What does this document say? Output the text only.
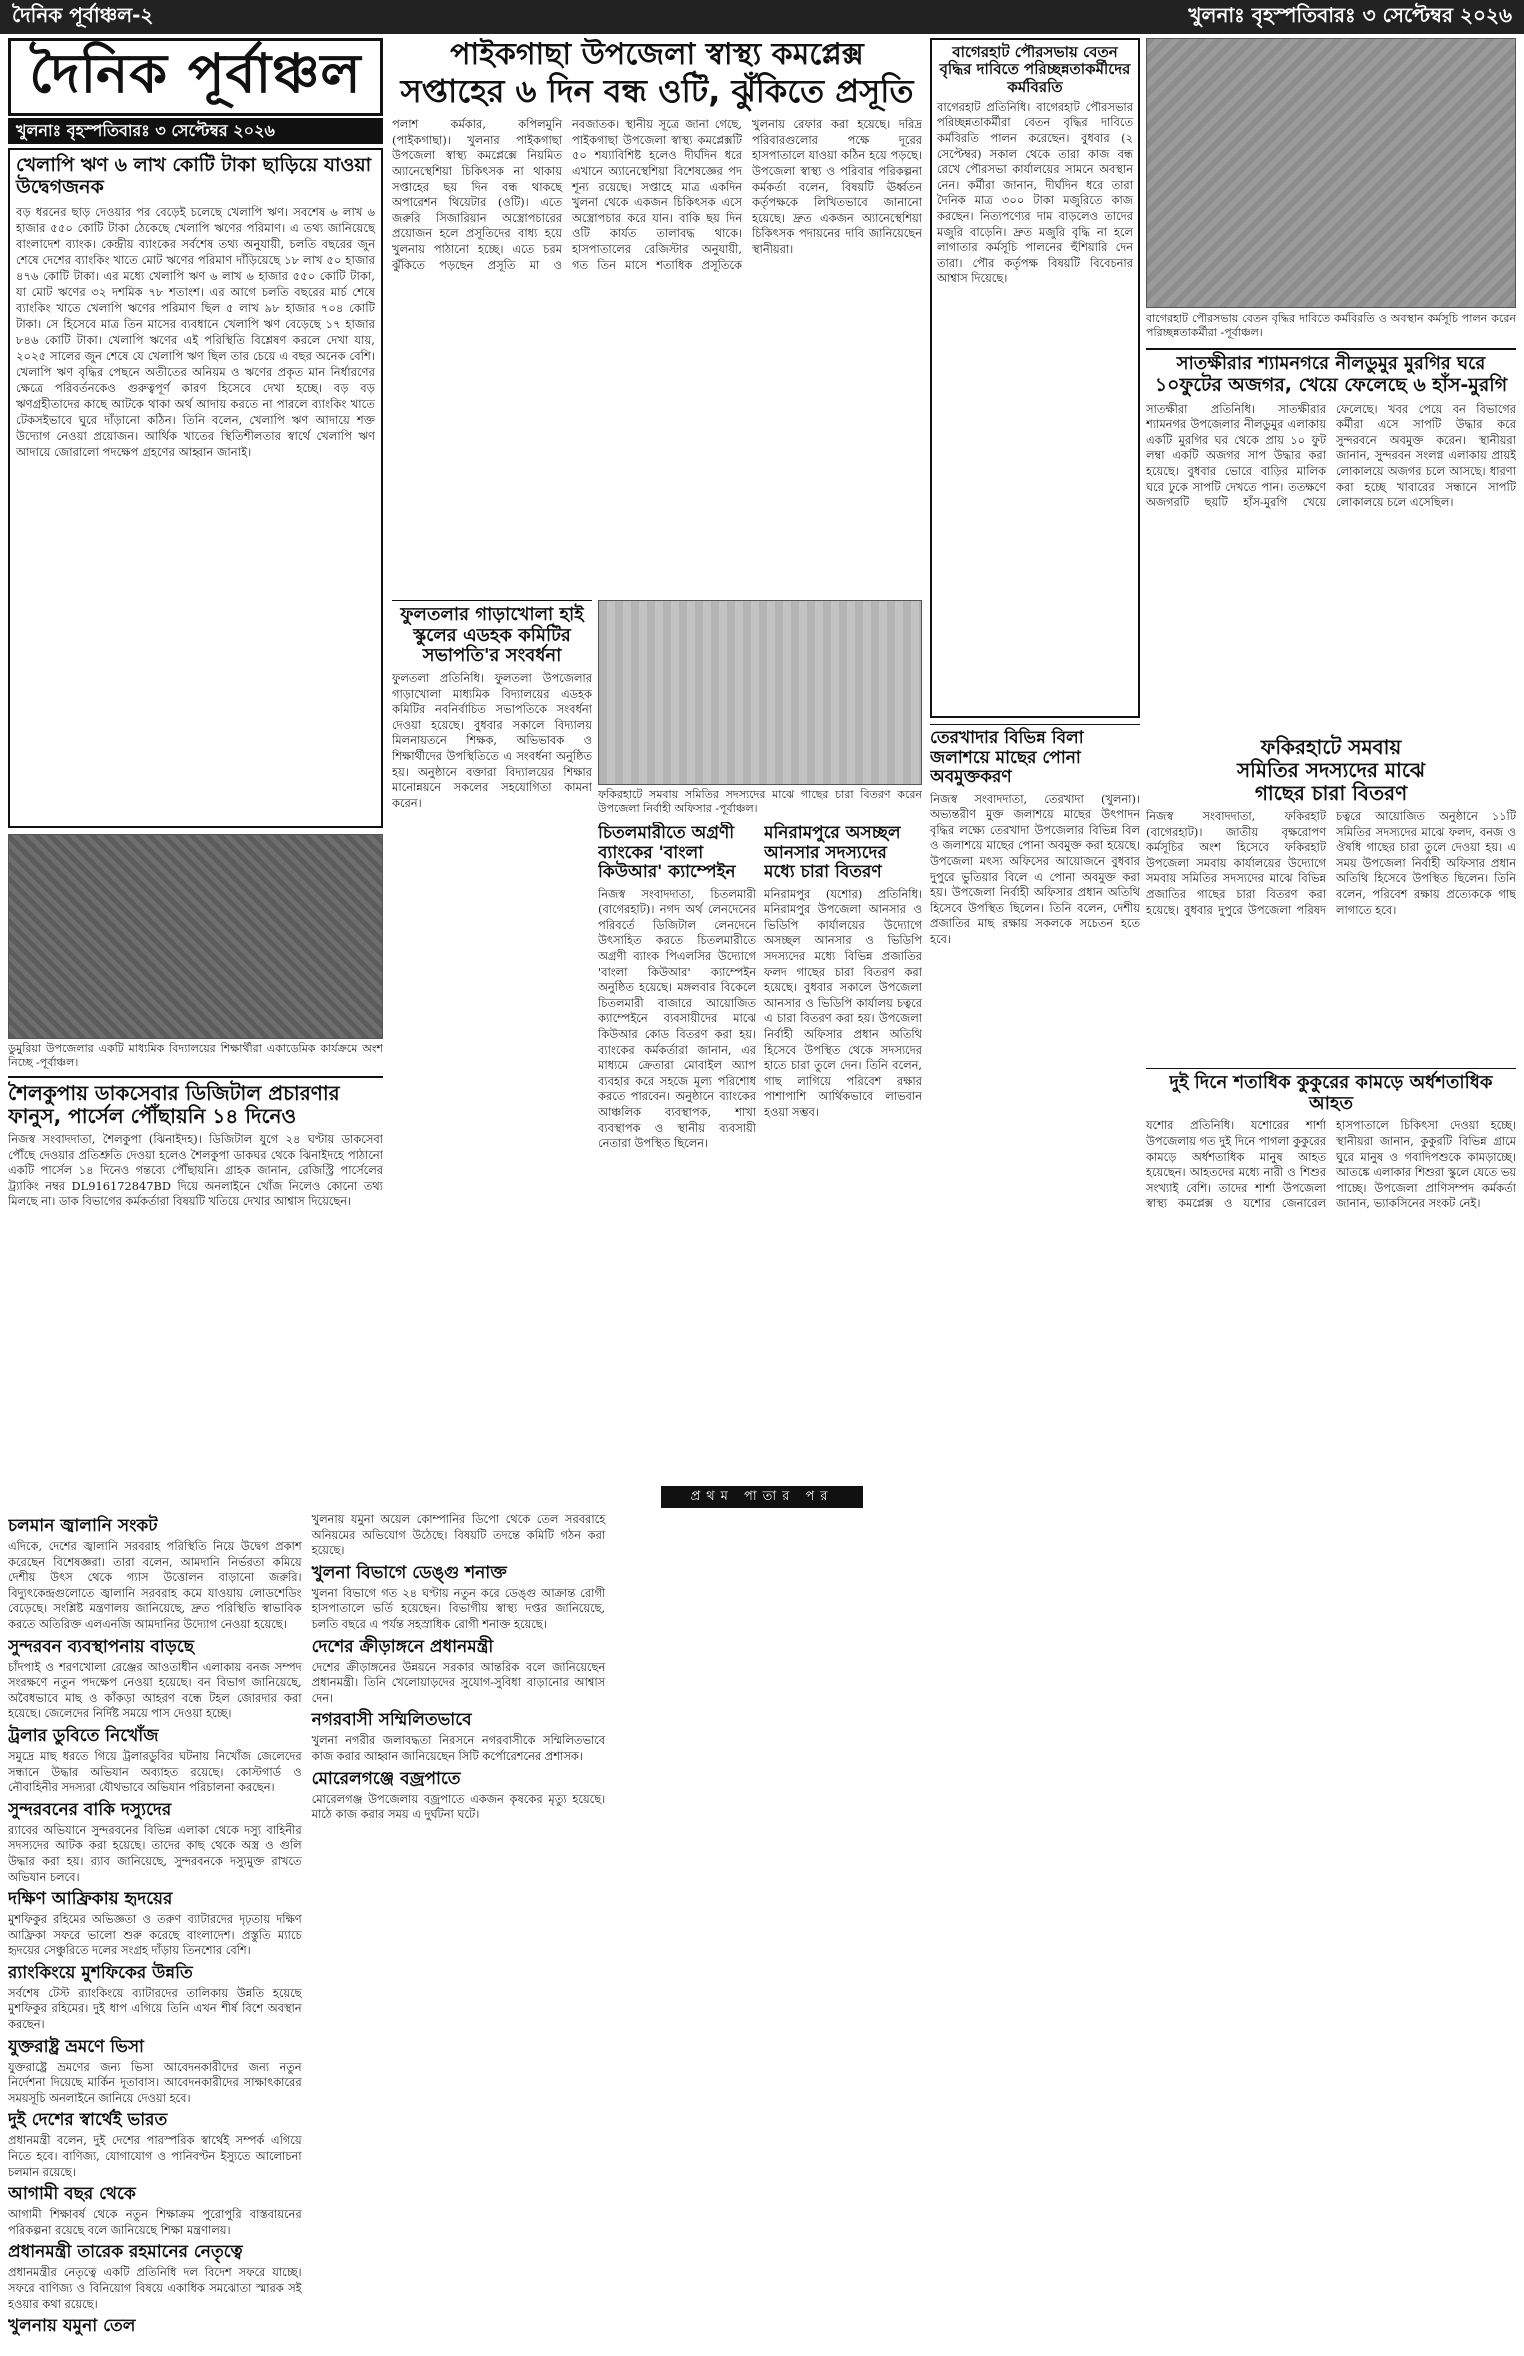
দৈনিক পূর্বাঞ্চল-২	খুলনাঃ বৃহস্পতিবারঃ ৩ সেপ্টেম্বর ২০২৬
দৈনিক পূর্বাঞ্চল
খুলনাঃ বৃহস্পতিবারঃ ৩ সেপ্টেম্বর ২০২৬
খেলাপি ঋণ ৬ লাখ কোটি টাকা ছাড়িয়ে যাওয়া উদ্বেগজনক
বড় ধরনের ছাড় দেওয়ার পর বেড়েই চলেছে খেলাপি ঋণ। সবশেষ ৬ লাখ ৬ হাজার ৫৫০ কোটি টাকা ঠেকেছে খেলাপি ঋণের পরিমাণ। এ তথ্য জানিয়েছে বাংলাদেশ ব্যাংক। কেন্দ্রীয় ব্যাংকের সর্বশেষ তথ্য অনুযায়ী, চলতি বছরের জুন শেষে দেশের ব্যাংকিং খাতে মোট ঋণের পরিমাণ দাঁড়িয়েছে ১৮ লাখ ৫০ হাজার ৪৭৬ কোটি টাকা। এর মধ্যে খেলাপি ঋণ ৬ লাখ ৬ হাজার ৫৫০ কোটি টাকা, যা মোট ঋণের ৩২ দশমিক ৭৮ শতাংশ। এর আগে চলতি বছরের মার্চ শেষে ব্যাংকিং খাতে খেলাপি ঋণের পরিমাণ ছিল ৫ লাখ ৯৮ হাজার ৭০৪ কোটি টাকা। সে হিসেবে মাত্র তিন মাসের ব্যবধানে খেলাপি ঋণ বেড়েছে ১৭ হাজার ৮৪৬ কোটি টাকা। খেলাপি ঋণের এই পরিস্থিতি বিশ্লেষণ করলে দেখা যায়, ২০২৫ সালের জুন শেষে যে খেলাপি ঋণ ছিল তার চেয়ে এ বছর অনেক বেশি। খেলাপি ঋণ বৃদ্ধির পেছনে অতীতের অনিয়ম ও ঋণের প্রকৃত মান নির্ধারণের ক্ষেত্রে পরিবর্তনকেও গুরুত্বপূর্ণ কারণ হিসেবে দেখা হচ্ছে। বড় বড় ঋণগ্রহীতাদের কাছে আটকে থাকা অর্থ আদায় করতে না পারলে ব্যাংকিং খাতে টেকসইভাবে ঘুরে দাঁড়ানো কঠিন। তিনি বলেন, খেলাপি ঋণ আদায়ে শক্ত উদ্যোগ নেওয়া প্রয়োজন। আর্থিক খাতের স্থিতিশীলতার স্বার্থে খেলাপি ঋণ আদায়ে জোরালো পদক্ষেপ গ্রহণের আহ্বান জানাই।
ডুমুরিয়া উপজেলার একটি মাধ্যমিক বিদ্যালয়ের শিক্ষার্থীরা একাডেমিক কার্যক্রমে অংশ নিচ্ছে -পূর্বাঞ্চল।
শৈলকুপায় ডাকসেবার ডিজিটাল প্রচারণার ফানুস, পার্সেল পৌঁছায়নি ১৪ দিনেও
নিজস্ব সংবাদদাতা, শৈলকুপা (ঝিনাইদহ)। ডিজিটাল যুগে ২৪ ঘণ্টায় ডাকসেবা পৌঁছে দেওয়ার প্রতিশ্রুতি দেওয়া হলেও শৈলকুপা ডাকঘর থেকে ঝিনাইদহে পাঠানো একটি পার্সেল ১৪ দিনেও গন্তব্যে পৌঁছায়নি। গ্রাহক জানান, রেজিস্ট্রি পার্সেলের ট্র্যাকিং নম্বর DL916172847BD দিয়ে অনলাইনে খোঁজ নিলেও কোনো তথ্য মিলছে না। ডাক বিভাগের কর্মকর্তারা বিষয়টি খতিয়ে দেখার আশ্বাস দিয়েছেন।
পাইকগাছা উপজেলা স্বাস্থ্য কমপ্লেক্স
সপ্তাহের ৬ দিন বন্ধ ওটি, ঝুঁকিতে প্রসূতি
পলাশ কর্মকার, কপিলমুনি (পাইকগাছা)। খুলনার পাইকগাছা উপজেলা স্বাস্থ্য কমপ্লেক্সে নিয়মিত অ্যানেস্থেশিয়া চিকিৎসক না থাকায় সপ্তাহের ছয় দিন বন্ধ থাকছে অপারেশন থিয়েটার (ওটি)। এতে জরুরি সিজারিয়ান অস্ত্রোপচারের প্রয়োজন হলে প্রসূতিদের বাধ্য হয়ে খুলনায় পাঠানো হচ্ছে। এতে চরম ঝুঁকিতে পড়ছেন প্রসূতি মা ও নবজাতক। স্থানীয় সূত্রে জানা গেছে, পাইকগাছা উপজেলা স্বাস্থ্য কমপ্লেক্সটি ৫০ শয্যাবিশিষ্ট হলেও দীর্ঘদিন ধরে এখানে অ্যানেস্থেশিয়া বিশেষজ্ঞের পদ শূন্য রয়েছে। সপ্তাহে মাত্র একদিন খুলনা থেকে একজন চিকিৎসক এসে অস্ত্রোপচার করে যান। বাকি ছয় দিন ওটি কার্যত তালাবদ্ধ থাকে। হাসপাতালের রেজিস্টার অনুযায়ী, গত তিন মাসে শতাধিক প্রসূতিকে খুলনায় রেফার করা হয়েছে। দরিদ্র পরিবারগুলোর পক্ষে দূরের হাসপাতালে যাওয়া কঠিন হয়ে পড়ছে। উপজেলা স্বাস্থ্য ও পরিবার পরিকল্পনা কর্মকর্তা বলেন, বিষয়টি ঊর্ধ্বতন কর্তৃপক্ষকে লিখিতভাবে জানানো হয়েছে। দ্রুত একজন অ্যানেস্থেশিয়া চিকিৎসক পদায়নের দাবি জানিয়েছেন স্থানীয়রা।
ফুলতলার গাড়াখোলা হাই স্কুলের এডহক কমিটির সভাপতি'র সংবর্ধনা
ফুলতলা প্রতিনিধি। ফুলতলা উপজেলার গাড়াখোলা মাধ্যমিক বিদ্যালয়ের এডহক কমিটির নবনির্বাচিত সভাপতিকে সংবর্ধনা দেওয়া হয়েছে। বুধবার সকালে বিদ্যালয় মিলনায়তনে শিক্ষক, অভিভাবক ও শিক্ষার্থীদের উপস্থিতিতে এ সংবর্ধনা অনুষ্ঠিত হয়। অনুষ্ঠানে বক্তারা বিদ্যালয়ের শিক্ষার মানোন্নয়নে সকলের সহযোগিতা কামনা করেন।
ফকিরহাটে সমবায় সমিতির সদস্যদের মাঝে গাছের চারা বিতরণ করেন উপজেলা নির্বাহী অফিসার -পূর্বাঞ্চল।
চিতলমারীতে অগ্রণী ব্যাংকের 'বাংলা কিউআর' ক্যাম্পেইন
নিজস্ব সংবাদদাতা, চিতলমারী (বাগেরহাট)। নগদ অর্থ লেনদেনের পরিবর্তে ডিজিটাল লেনদেনে উৎসাহিত করতে চিতলমারীতে অগ্রণী ব্যাংক পিএলসির উদ্যোগে 'বাংলা কিউআর' ক্যাম্পেইন অনুষ্ঠিত হয়েছে। মঙ্গলবার বিকেলে চিতলমারী বাজারে আয়োজিত ক্যাম্পেইনে ব্যবসায়ীদের মাঝে কিউআর কোড বিতরণ করা হয়। ব্যাংকের কর্মকর্তারা জানান, এর মাধ্যমে ক্রেতারা মোবাইল অ্যাপ ব্যবহার করে সহজে মূল্য পরিশোধ করতে পারবেন। অনুষ্ঠানে ব্যাংকের আঞ্চলিক ব্যবস্থাপক, শাখা ব্যবস্থাপক ও স্থানীয় ব্যবসায়ী নেতারা উপস্থিত ছিলেন।
মনিরামপুরে অসচ্ছল আনসার সদস্যদের মধ্যে চারা বিতরণ
মনিরামপুর (যশোর) প্রতিনিধি। মনিরামপুর উপজেলা আনসার ও ভিডিপি কার্যালয়ের উদ্যোগে অসচ্ছল আনসার ও ভিডিপি সদস্যদের মধ্যে বিভিন্ন প্রজাতির ফলদ গাছের চারা বিতরণ করা হয়েছে। বুধবার সকালে উপজেলা আনসার ও ভিডিপি কার্যালয় চত্বরে এ চারা বিতরণ করা হয়। উপজেলা নির্বাহী অফিসার প্রধান অতিথি হিসেবে উপস্থিত থেকে সদস্যদের হাতে চারা তুলে দেন। তিনি বলেন, গাছ লাগিয়ে পরিবেশ রক্ষার পাশাপাশি আর্থিকভাবে লাভবান হওয়া সম্ভব।
বাগেরহাট পৌরসভায় বেতন বৃদ্ধির দাবিতে পরিচ্ছন্নতাকর্মীদের কর্মবিরতি
বাগেরহাট প্রতিনিধি। বাগেরহাট পৌরসভার পরিচ্ছন্নতাকর্মীরা বেতন বৃদ্ধির দাবিতে কর্মবিরতি পালন করেছেন। বুধবার (২ সেপ্টেম্বর) সকাল থেকে তারা কাজ বন্ধ রেখে পৌরসভা কার্যালয়ের সামনে অবস্থান নেন। কর্মীরা জানান, দীর্ঘদিন ধরে তারা দৈনিক মাত্র ৩০০ টাকা মজুরিতে কাজ করছেন। নিত্যপণ্যের দাম বাড়লেও তাদের মজুরি বাড়েনি। দ্রুত মজুরি বৃদ্ধি না হলে লাগাতার কর্মসূচি পালনের হুঁশিয়ারি দেন তারা। পৌর কর্তৃপক্ষ বিষয়টি বিবেচনার আশ্বাস দিয়েছে।
বাগেরহাট পৌরসভায় বেতন বৃদ্ধির দাবিতে কর্মবিরতি ও অবস্থান কর্মসূচি পালন করেন পরিচ্ছন্নতাকর্মীরা -পূর্বাঞ্চল।
সাতক্ষীরার শ্যামনগরে নীলডুমুর মুরগির ঘরে
১০ফুটের অজগর, খেয়ে ফেলেছে ৬ হাঁস-মুরগি
সাতক্ষীরা প্রতিনিধি। সাতক্ষীরার শ্যামনগর উপজেলার নীলডুমুর এলাকায় একটি মুরগির ঘর থেকে প্রায় ১০ ফুট লম্বা একটি অজগর সাপ উদ্ধার করা হয়েছে। বুধবার ভোরে বাড়ির মালিক ঘরে ঢুকে সাপটি দেখতে পান। ততক্ষণে অজগরটি ছয়টি হাঁস-মুরগি খেয়ে ফেলেছে। খবর পেয়ে বন বিভাগের কর্মীরা এসে সাপটি উদ্ধার করে সুন্দরবনে অবমুক্ত করেন। স্থানীয়রা জানান, সুন্দরবন সংলগ্ন এলাকায় প্রায়ই লোকালয়ে অজগর চলে আসছে। ধারণা করা হচ্ছে খাবারের সন্ধানে সাপটি লোকালয়ে চলে এসেছিল।
তেরখাদার বিভিন্ন বিলা জলাশয়ে মাছের পোনা অবমুক্তকরণ
নিজস্ব সংবাদদাতা, তেরখাদা (খুলনা)। অভ্যন্তরীণ মুক্ত জলাশয়ে মাছের উৎপাদন বৃদ্ধির লক্ষ্যে তেরখাদা উপজেলার বিভিন্ন বিল ও জলাশয়ে মাছের পোনা অবমুক্ত করা হয়েছে। উপজেলা মৎস্য অফিসের আয়োজনে বুধবার দুপুরে ভুতিয়ার বিলে এ পোনা অবমুক্ত করা হয়। উপজেলা নির্বাহী অফিসার প্রধান অতিথি হিসেবে উপস্থিত ছিলেন। তিনি বলেন, দেশীয় প্রজাতির মাছ রক্ষায় সকলকে সচেতন হতে হবে।
ফকিরহাটে সমবায়
সমিতির সদস্যদের মাঝে
গাছের চারা বিতরণ
নিজস্ব সংবাদদাতা, ফকিরহাট (বাগেরহাট)। জাতীয় বৃক্ষরোপণ কর্মসূচির অংশ হিসেবে ফকিরহাট উপজেলা সমবায় কার্যালয়ের উদ্যোগে সমবায় সমিতির সদস্যদের মাঝে বিভিন্ন প্রজাতির গাছের চারা বিতরণ করা হয়েছে। বুধবার দুপুরে উপজেলা পরিষদ চত্বরে আয়োজিত অনুষ্ঠানে ১১টি সমিতির সদস্যদের মাঝে ফলদ, বনজ ও ঔষধি গাছের চারা তুলে দেওয়া হয়। এ সময় উপজেলা নির্বাহী অফিসার প্রধান অতিথি হিসেবে উপস্থিত ছিলেন। তিনি বলেন, পরিবেশ রক্ষায় প্রত্যেককে গাছ লাগাতে হবে।
দুই দিনে শতাধিক কুকুরের কামড়ে অর্ধশতাধিক আহত
যশোর প্রতিনিধি। যশোরের শার্শা উপজেলায় গত দুই দিনে পাগলা কুকুরের কামড়ে অর্ধশতাধিক মানুষ আহত হয়েছেন। আহতদের মধ্যে নারী ও শিশুর সংখ্যাই বেশি। তাদের শার্শা উপজেলা স্বাস্থ্য কমপ্লেক্স ও যশোর জেনারেল হাসপাতালে চিকিৎসা দেওয়া হচ্ছে। স্থানীয়রা জানান, কুকুরটি বিভিন্ন গ্রামে ঘুরে মানুষ ও গবাদিপশুকে কামড়াচ্ছে। আতঙ্কে এলাকার শিশুরা স্কুলে যেতে ভয় পাচ্ছে। উপজেলা প্রাণিসম্পদ কর্মকর্তা জানান, ভ্যাকসিনের সংকট নেই।
প্রথম পাতার পর
চলমান জ্বালানি সংকট
এদিকে, দেশের জ্বালানি সরবরাহ পরিস্থিতি নিয়ে উদ্বেগ প্রকাশ করেছেন বিশেষজ্ঞরা। তারা বলেন, আমদানি নির্ভরতা কমিয়ে দেশীয় উৎস থেকে গ্যাস উত্তোলন বাড়ানো জরুরি। বিদ্যুৎকেন্দ্রগুলোতে জ্বালানি সরবরাহ কমে যাওয়ায় লোডশেডিং বেড়েছে। সংশ্লিষ্ট মন্ত্রণালয় জানিয়েছে, দ্রুত পরিস্থিতি স্বাভাবিক করতে অতিরিক্ত এলএনজি আমদানির উদ্যোগ নেওয়া হয়েছে।
সুন্দরবন ব্যবস্থাপনায় বাড়ছে
চাঁদপাই ও শরণখোলা রেঞ্জের আওতাধীন এলাকায় বনজ সম্পদ সংরক্ষণে নতুন পদক্ষেপ নেওয়া হয়েছে। বন বিভাগ জানিয়েছে, অবৈধভাবে মাছ ও কাঁকড়া আহরণ বন্ধে টহল জোরদার করা হয়েছে। জেলেদের নির্দিষ্ট সময়ে পাস দেওয়া হচ্ছে।
ট্রলার ডুবিতে নিখোঁজ
সমুদ্রে মাছ ধরতে গিয়ে ট্রলারডুবির ঘটনায় নিখোঁজ জেলেদের সন্ধানে উদ্ধার অভিযান অব্যাহত রয়েছে। কোস্টগার্ড ও নৌবাহিনীর সদস্যরা যৌথভাবে অভিযান পরিচালনা করছেন।
সুন্দরবনের বাকি দস্যুদের
র‍্যাবের অভিযানে সুন্দরবনের বিভিন্ন এলাকা থেকে দস্যু বাহিনীর সদস্যদের আটক করা হয়েছে। তাদের কাছ থেকে অস্ত্র ও গুলি উদ্ধার করা হয়। র‍্যাব জানিয়েছে, সুন্দরবনকে দস্যুমুক্ত রাখতে অভিযান চলবে।
দক্ষিণ আফ্রিকায় হৃদয়ের
মুশফিকুর রহিমের অভিজ্ঞতা ও তরুণ ব্যাটারদের দৃঢ়তায় দক্ষিণ আফ্রিকা সফরে ভালো শুরু করেছে বাংলাদেশ। প্রস্তুতি ম্যাচে হৃদয়ের সেঞ্চুরিতে দলের সংগ্রহ দাঁড়ায় তিনশোর বেশি।
র‍্যাংকিংয়ে মুশফিকের উন্নতি
সর্বশেষ টেস্ট র‍্যাংকিংয়ে ব্যাটারদের তালিকায় উন্নতি হয়েছে মুশফিকুর রহিমের। দুই ধাপ এগিয়ে তিনি এখন শীর্ষ বিশে অবস্থান করছেন।
যুক্তরাষ্ট্র ভ্রমণে ভিসা
যুক্তরাষ্ট্রে ভ্রমণের জন্য ভিসা আবেদনকারীদের জন্য নতুন নির্দেশনা দিয়েছে মার্কিন দূতাবাস। আবেদনকারীদের সাক্ষাৎকারের সময়সূচি অনলাইনে জানিয়ে দেওয়া হবে।
দুই দেশের স্বার্থেই ভারত
প্রধানমন্ত্রী বলেন, দুই দেশের পারস্পরিক স্বার্থেই সম্পর্ক এগিয়ে নিতে হবে। বাণিজ্য, যোগাযোগ ও পানিবণ্টন ইস্যুতে আলোচনা চলমান রয়েছে।
আগামী বছর থেকে
আগামী শিক্ষাবর্ষ থেকে নতুন শিক্ষাক্রম পুরোপুরি বাস্তবায়নের পরিকল্পনা রয়েছে বলে জানিয়েছে শিক্ষা মন্ত্রণালয়।
প্রধানমন্ত্রী তারেক রহমানের নেতৃত্বে
প্রধানমন্ত্রীর নেতৃত্বে একটি প্রতিনিধি দল বিদেশ সফরে যাচ্ছে। সফরে বাণিজ্য ও বিনিয়োগ বিষয়ে একাধিক সমঝোতা স্মারক সই হওয়ার কথা রয়েছে।
খুলনায় যমুনা তেল
খুলনায় যমুনা অয়েল কোম্পানির ডিপো থেকে তেল সরবরাহে অনিয়মের অভিযোগ উঠেছে। বিষয়টি তদন্তে কমিটি গঠন করা হয়েছে।
খুলনা বিভাগে ডেঙ্গু শনাক্ত
খুলনা বিভাগে গত ২৪ ঘণ্টায় নতুন করে ডেঙ্গু আক্রান্ত রোগী হাসপাতালে ভর্তি হয়েছেন। বিভাগীয় স্বাস্থ্য দপ্তর জানিয়েছে, চলতি বছরে এ পর্যন্ত সহস্রাধিক রোগী শনাক্ত হয়েছে।
দেশের ক্রীড়াঙ্গনে প্রধানমন্ত্রী
দেশের ক্রীড়াঙ্গনের উন্নয়নে সরকার আন্তরিক বলে জানিয়েছেন প্রধানমন্ত্রী। তিনি খেলোয়াড়দের সুযোগ-সুবিধা বাড়ানোর আশ্বাস দেন।
নগরবাসী সম্মিলিতভাবে
খুলনা নগরীর জলাবদ্ধতা নিরসনে নগরবাসীকে সম্মিলিতভাবে কাজ করার আহ্বান জানিয়েছেন সিটি কর্পোরেশনের প্রশাসক।
মোরেলগঞ্জে বজ্রপাতে
মোরেলগঞ্জ উপজেলায় বজ্রপাতে একজন কৃষকের মৃত্যু হয়েছে। মাঠে কাজ করার সময় এ দুর্ঘটনা ঘটে।
